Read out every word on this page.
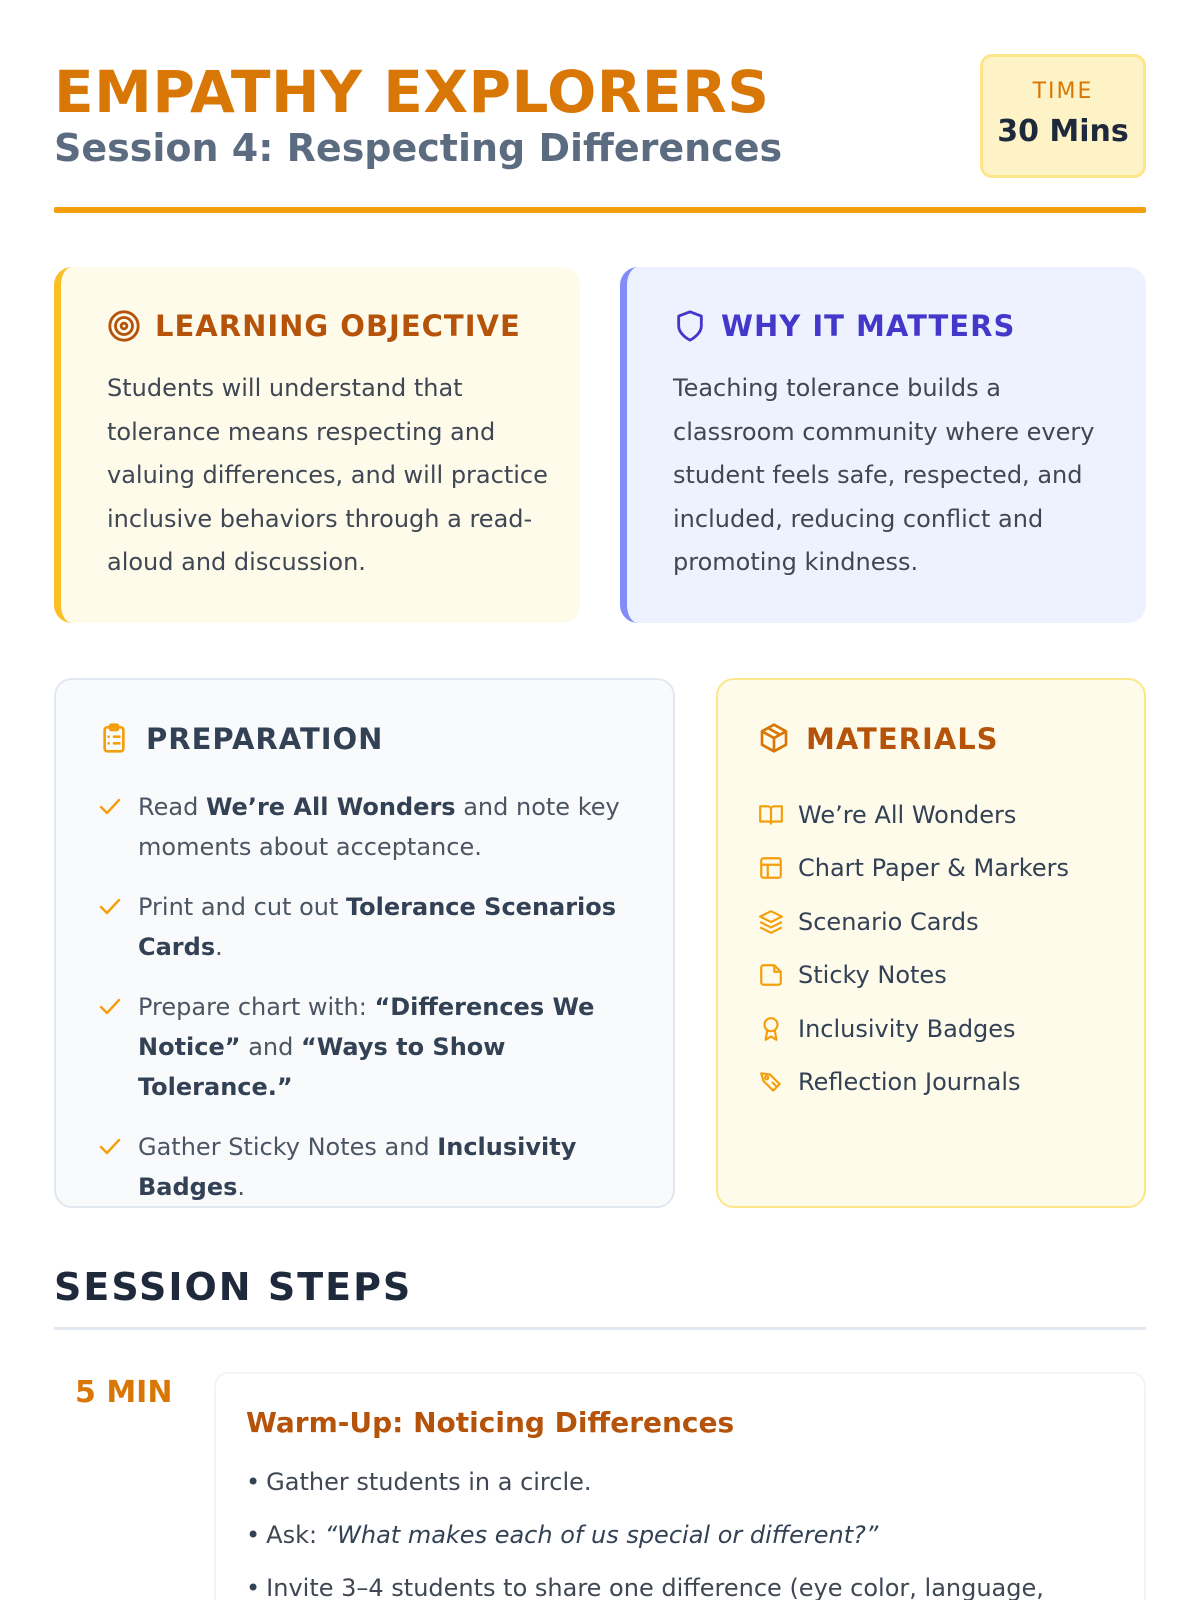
EMPATHY EXPLORERS
Session 4: Respecting Differences
TIME
30 Mins
LEARNING OBJECTIVE
Students will understand that tolerance means respecting and valuing differences, and will practice inclusive behaviors through a read-aloud and discussion.
WHY IT MATTERS
Teaching tolerance builds a classroom community where every student feels safe, respected, and included, reducing conflict and promoting kindness.
PREPARATION
Read We’re All Wonders and note key moments about acceptance.
Print and cut out Tolerance Scenarios Cards.
Prepare chart with: “Differences We Notice” and “Ways to Show Tolerance.”
Gather Sticky Notes and Inclusivity Badges.
MATERIALS
We’re All Wonders
Chart Paper & Markers
Scenario Cards
Sticky Notes
Inclusivity Badges
Reflection Journals
SESSION STEPS
5 MIN
Warm-Up: Noticing Differences
• Gather students in a circle.
• Ask: “What makes each of us special or different?”
• Invite 3–4 students to share one difference (eye color, language,
